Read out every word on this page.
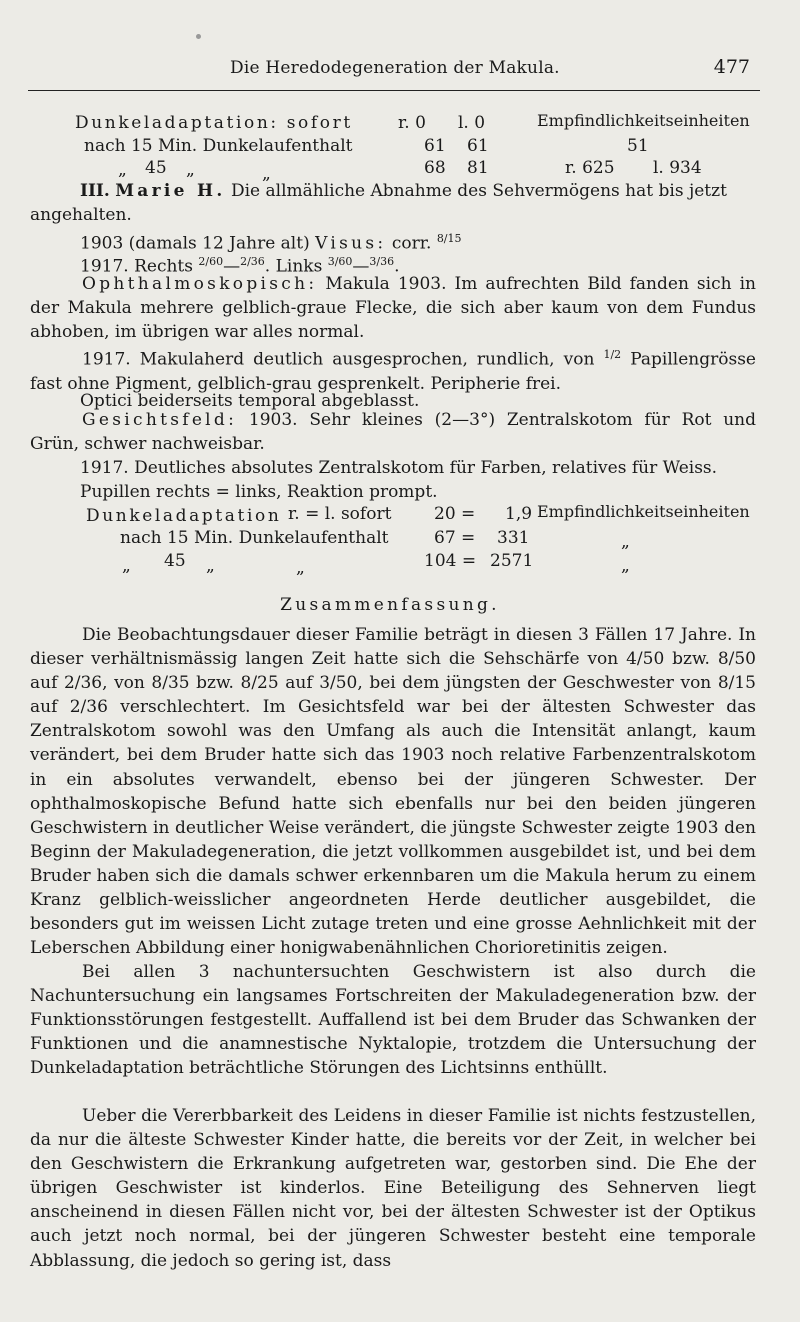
Die Heredodegeneration der Makula.	477
Dunkeladaptation: sofort	r. 0 l. 0	Empfindlichkeitseinheiten
nach 15 Min. Dunkelaufenthalt	61 61	51
„ 45 „	„	68 81	r. 625 l. 934
III. Marie H. Die allmähliche Abnahme des Sehvermögens hat bis jetzt
angehalten.
1903 (damals 12 Jahre alt) Visus: corr. $^{8/15}$
1917. Rechts $^{2/60}$—$^{2/36}$. Links $^{3/60}$—$^{3/36}$.
Ophthalmoskopisch: Makula 1903. Im aufrechten Bild fanden sich in der Makula mehrere gelblich-graue Flecke, die sich aber kaum von dem Fundus abhoben, im übrigen war alles normal.
1917. Makulaherd deutlich ausgesprochen, rundlich, von $^{1/2}$ Papillengrösse fast ohne Pigment, gelblich-grau gesprenkelt. Peripherie frei.
Optici beiderseits temporal abgeblasst.
Gesichtsfeld: 1903. Sehr kleines (2—3°) Zentralskotom für Rot und Grün, schwer nachweisbar.
1917. Deutliches absolutes Zentralskotom für Farben, relatives für Weiss.
Pupillen rechts = links, Reaktion prompt.
Dunkeladaptation r. = l. sofort	20 = 1,9 Empfindlichkeitseinheiten
nach 15 Min. Dunkelaufenthalt	67 = 331	„
„ 45 „	„	104 = 2571	„
Zusammenfassung.
Die Beobachtungsdauer dieser Familie beträgt in diesen 3 Fällen 17 Jahre. In dieser verhältnismässig langen Zeit hatte sich die Sehschärfe von 4/50 bzw. 8/50 auf 2/36, von 8/35 bzw. 8/25 auf 3/50, bei dem jüngsten der Geschwester von 8/15 auf 2/36 verschlechtert. Im Gesichtsfeld war bei der ältesten Schwester das Zentralskotom sowohl was den Umfang als auch die Intensität anlangt, kaum verändert, bei dem Bruder hatte sich das 1903 noch relative Farbenzentralskotom in ein absolutes verwandelt, ebenso bei der jüngeren Schwester. Der ophthalmoskopische Befund hatte sich ebenfalls nur bei den beiden jüngeren Geschwistern in deutlicher Weise verändert, die jüngste Schwester zeigte 1903 den Beginn der Makuladegeneration, die jetzt vollkommen ausgebildet ist, und bei dem Bruder haben sich die damals schwer erkennbaren um die Makula herum zu einem Kranz gelblich-weisslicher angeordneten Herde deutlicher ausgebildet, die besonders gut im weissen Licht zutage treten und eine grosse Aehnlichkeit mit der Leberschen Abbildung einer honigwabenähnlichen Chorioretinitis zeigen.
Bei allen 3 nachuntersuchten Geschwistern ist also durch die Nachuntersuchung ein langsames Fortschreiten der Makuladegeneration bzw. der Funktionsstörungen festgestellt. Auffallend ist bei dem Bruder das Schwanken der Funktionen und die anamnestische Nyktalopie, trotzdem die Untersuchung der Dunkeladaptation beträchtliche Störungen des Lichtsinns enthüllt.
Ueber die Vererbbarkeit des Leidens in dieser Familie ist nichts festzustellen, da nur die älteste Schwester Kinder hatte, die bereits vor der Zeit, in welcher bei den Geschwistern die Erkrankung aufgetreten war, gestorben sind. Die Ehe der übrigen Geschwister ist kinderlos. Eine Beteiligung des Sehnerven liegt anscheinend in diesen Fällen nicht vor, bei der ältesten Schwester ist der Optikus auch jetzt noch normal, bei der jüngeren Schwester besteht eine temporale Abblassung, die jedoch so gering ist, dass
